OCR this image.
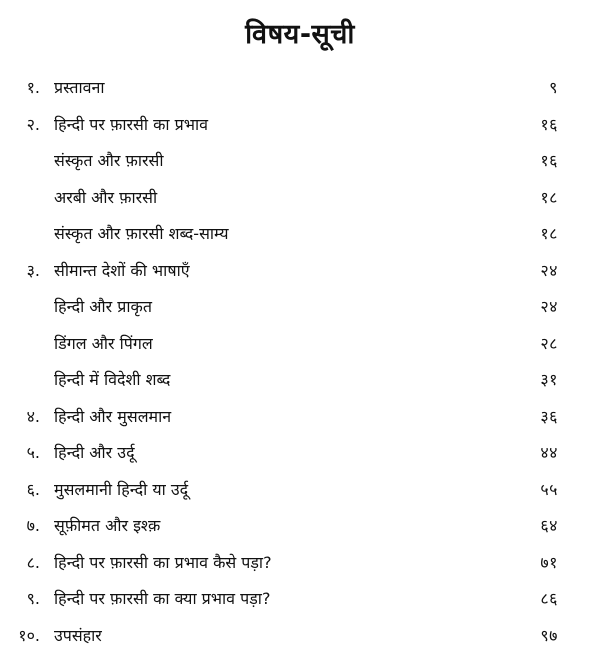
विषय-सूची
१. प्रस्तावना	९
२. हिन्दी पर फ़ारसी का प्रभाव	१६
संस्कृत और फ़ारसी	१६
अरबी और फ़ारसी	१८
संस्कृत और फ़ारसी शब्द-साम्य	१८
३. सीमान्त देशों की भाषाएँ	२४
हिन्दी और प्राकृत	२४
डिंगल और पिंगल	२८
हिन्दी में विदेशी शब्द	३१
४. हिन्दी और मुसलमान	३६
५. हिन्दी और उर्दू	४४
६. मुसलमानी हिन्दी या उर्दू	५५
७. सूफ़ीमत और इश्क़	६४
८. हिन्दी पर फ़ारसी का प्रभाव कैसे पड़ा?	७१
९. हिन्दी पर फ़ारसी का क्या प्रभाव पड़ा?	८६
१०. उपसंहार	९७
